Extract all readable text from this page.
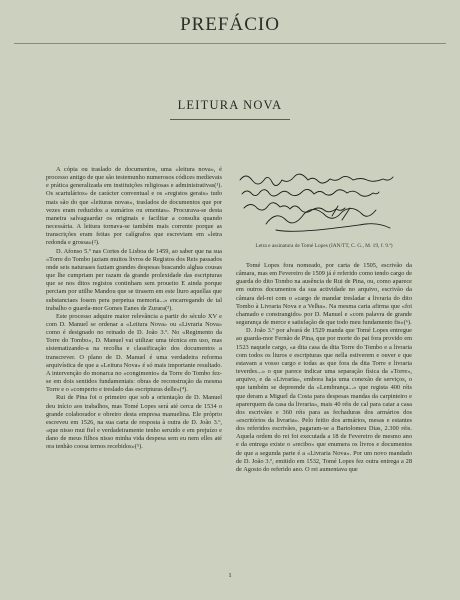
PREFÁCIO
LEITURA NOVA

A cópia ou traslado de documentos, uma «leitura nova», é processo antigo de que são testemunho numerosos códices medievais e prática generalizada em instituições religiosas e administrativas(¹). Os scartulários» de carácter conventual e os «registos gerais» tudo mais são do que «leituras novas», traslados de documentos que por vezes eram reduzidos a sumários ou ementas». Procurava-se desta maneira salvaguardar os originais e facilitar a consulta quando necessária. A leitura tornava-se também mais corrente porque as transcrições eram feitas por calígrafos que escreviam em «letra redonda e grossa»(²).

D. Afonso 5.º nas Cortes de Lisboa de 1459, ao saber que na sua «Torre do Tombo jaziam muitos livros de Registos dos Reis passados onde seis naturaaes faziam grandes despesas buscando alghas cousas que lhe cumpriam per razam da grande prolexidade das escripturas que se nos ditos registos continham sem proueito E ainda porque perciam por utilhe Mandou que se tirasem em este liuro aquellas que substanciaes fosem pera perpetua memoria...» encarregando de tal trabalho o guarda-mor Gomes Eanes de Zurara(³).

Este processo adquire maior relevância a partir do século XV e com D. Manuel se ordenar a «Leitura Nova» ou «Livraria Nova» como é designado no reinado de D. João 3.º. No «Regimento da Torre do Tombo», D. Manuel vai utilizar uma técnica em uso, mas sistematizando-a na recolha e classificação dos documentos a transcrever. O plano de D. Manuel é uma verdadeira reforma arquivística de que a «Leitura Nova» é só mais importante resultado. A intervenção do monarca no «congimento» da Torre do Tombo fez-se em dois sentidos fundamentais: obras de reconstrução da mesma Torre e o «comperto e treslado das escripturas delle»(⁴).

Rui de Pina foi o primeiro que sob a orientação de D. Manuel deu início aos trabalhos, mas Tomé Lopes será até cerca de 1534 o grande colaborador e obreiro desta empresa manuelina. Ele próprio escreveu em 1526, na sua carta de resposta à outra de D. João 3.º, «que nisso mui fiel e verdadeiramente tenho seruido e em prejuízo e dano de meus filhos nisso minha vida despesa sem eu nem elles até ora tenhão coosa ternos recebidos»(⁵).

Letra e assinatura de Tomé Lopes (IAN/TT, C. G., M. 19, f. 9.ª)

Tomé Lopes fora nomeado, por carta de 1505, escrivão da câmara, mas em Fevereiro de 1509 já é referido como tendo cargo de guarda do dito Tombo na ausência de Rui de Pina, ou, como aparece em outros documentos da sua actividade no arquivo, escrivão da câmara del-rei com o «cargo de mandar tresladar a livraria do dito Tombo à Livraria Nova e a Velha». Na mesma carta afirma que «foi chamado e constrangido» por D. Manuel e «com palavra de grande segurança de merce e satisfação de que todo meu fundamento fis»(⁶).

D. João 3.º por alvará de 1529 manda que Tomé Lopes entregue ao guarda-mor Fernão de Pina, que por morte do pai fora provido em 1523 naquele cargo, «a dita casa da dita Torre do Tombo e a livraria com todos os liuros e escripturas que nella estiverem e ouver e que estavam a vosso cargo e todas as que fora da dita Torre e livraria teverdes...» o que parece indicar uma separação física da «Torre», arquivo, e da «Livraria», embora haja uma conexão de serviços, o que também se depreende da «Lembrança...» que regista 400 réis que deram a Miguel da Costa para despesas mandas da carpinteiro e aparerquem da casa da livraria», mais 40 réis de cal para caiar a casa dos escrivães e 360 réis para as fechaduras dos armários dos «escritórios da livraria». Pelo feitio dos armários, mesas e estantes dos referidos escrivães, pagaram-se a Bartolomeu Dias, 2.300 réis. Aquela ordem do rei foi executada a 18 de Fevereiro de mesmo ano e da entrega existe o «recibo» que enumera os livros e documentos de que a segunda parte é a «Livraria Nova». Por um novo mandado de D. João 3.º, emitido em 1532, Tomé Lopes fez outra entrega a 28 de Agosto do referido ano. O rei aumentava que

1
